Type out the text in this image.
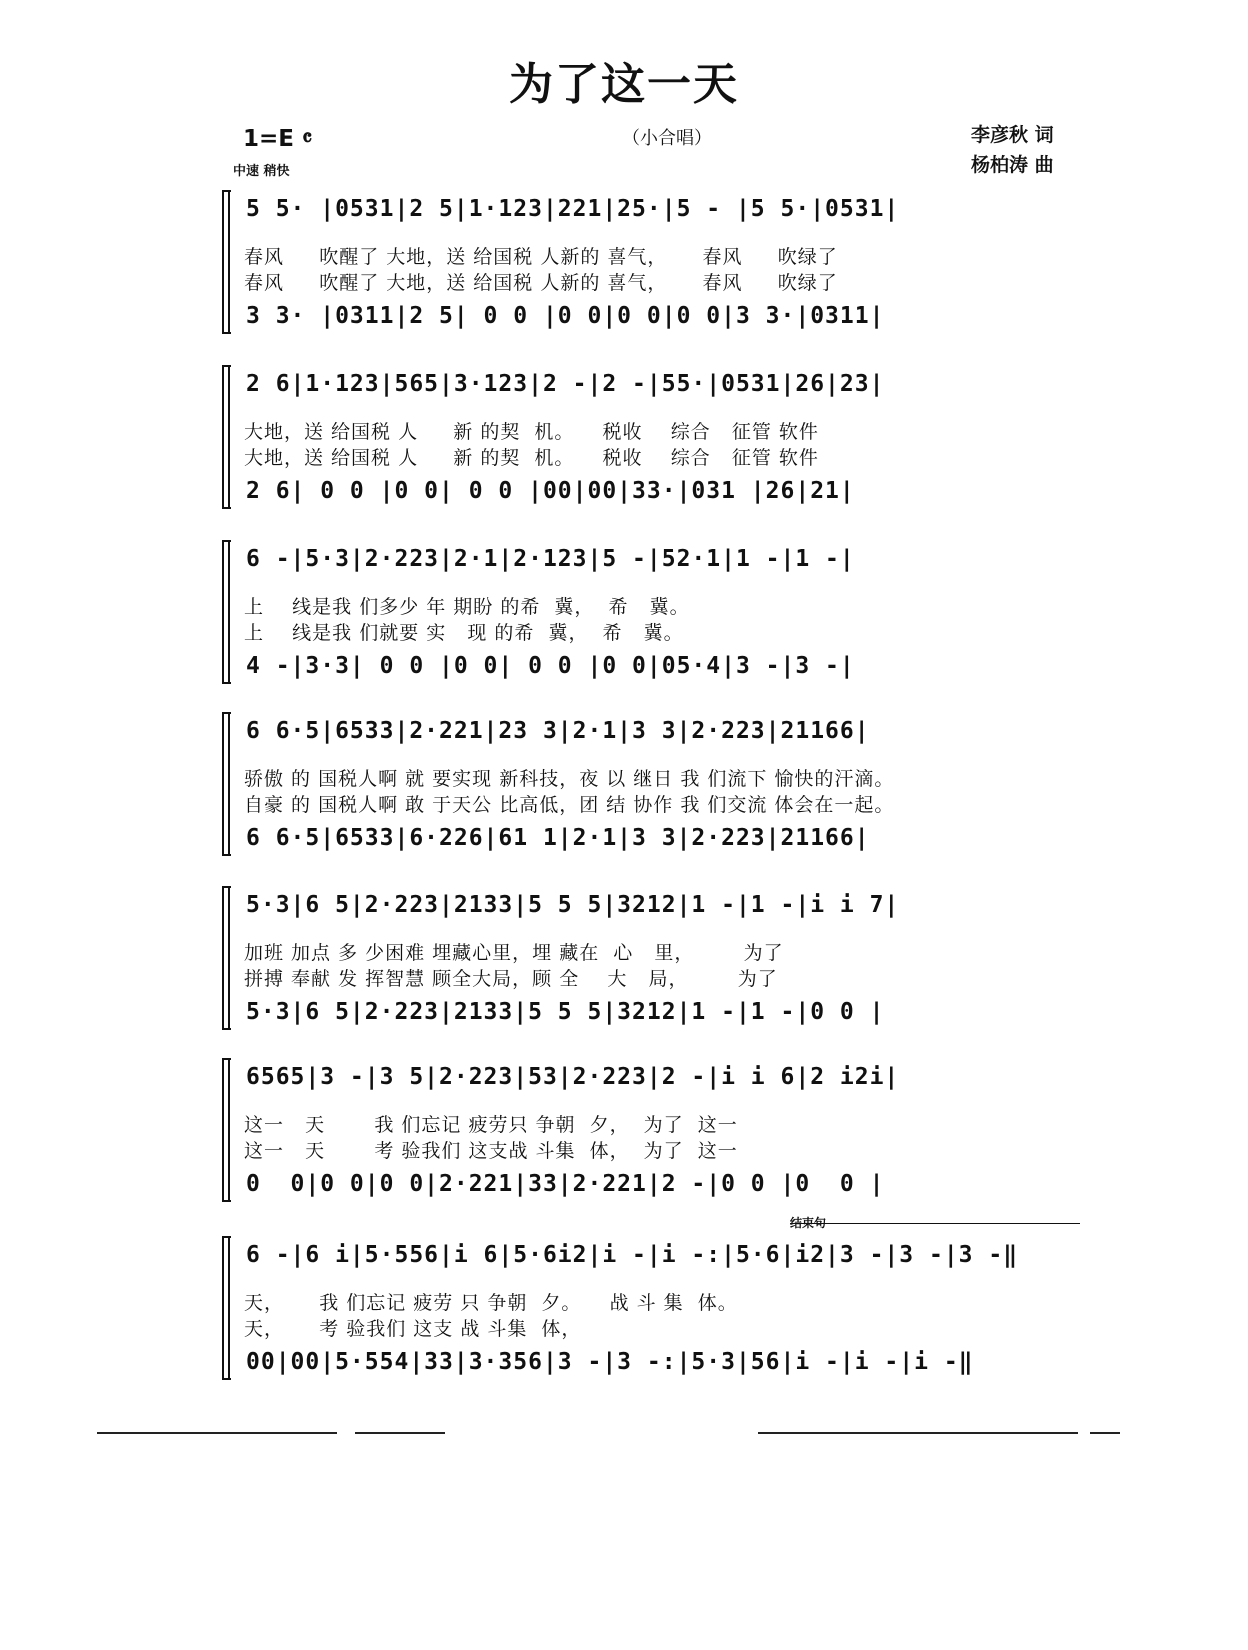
为了这一天
1=E 𝄴
中速 稍快
（小合唱）	李彦秋 词
杨柏涛 曲
5 5· |0531|2 5|1·123|221|25·|5 - |5 5·|0531|
春风     吹醒了 大地，送 给国税 人新的 喜气，     春风     吹绿了
春风     吹醒了 大地，送 给国税 人新的 喜气，     春风     吹绿了
3 3· |0311|2 5| 0 0 |0 0|0 0|0 0|3 3·|0311|
2 6|1·123|565|3·123|2 -|2 -|55·|0531|26|23|
大地，送 给国税 人     新 的契  机。    税收    综合   征管 软件
大地，送 给国税 人     新 的契  机。    税收    综合   征管 软件
2 6| 0 0 |0 0| 0 0 |00|00|33·|031 |26|21|
6 -|5·3|2·223|2·1|2·123|5 -|52·1|1 -|1 -|
上    线是我 们多少 年 期盼 的希  冀，  希   冀。
上    线是我 们就要 实   现 的希  冀，  希   冀。
4 -|3·3| 0 0 |0 0| 0 0 |0 0|05·4|3 -|3 -|
6 6·5|6533|2·221|23 3|2·1|3 3|2·223|21166|
骄傲 的 国税人啊 就 要实现 新科技，夜 以 继日 我 们流下 愉快的汗滴。
自豪 的 国税人啊 敢 于天公 比高低，团 结 协作 我 们交流 体会在一起。
6 6·5|6533|6·226|61 1|2·1|3 3|2·223|21166|
5·3|6 5|2·223|2133|5 5 5|3212|1 -|1 -|i i 7|
加班 加点 多 少困难 埋藏心里，埋 藏在  心   里，       为了
拼搏 奉献 发 挥智慧 顾全大局，顾 全    大   局，       为了
5·3|6 5|2·223|2133|5 5 5|3212|1 -|1 -|0 0 |
6565|3 -|3 5|2·223|53|2·223|2 -|i i 6|2 i2i|
这一   天       我 们忘记 疲劳只 争朝  夕，  为了  这一
这一   天       考 验我们 这支战 斗集  体，  为了  这一
0  0|0 0|0 0|2·221|33|2·221|2 -|0 0 |0  0 |
结束句
6 -|6 i|5·556|i 6|5·6i2|i -|i -:|5·6|i2|3 -|3 -|3 -‖
天，     我 们忘记 疲劳 只 争朝  夕。    战 斗 集  体。
天，     考 验我们 这支 战 斗集  体，
00|00|5·554|33|3·356|3 -|3 -:|5·3|56|i -|i -|i -‖
